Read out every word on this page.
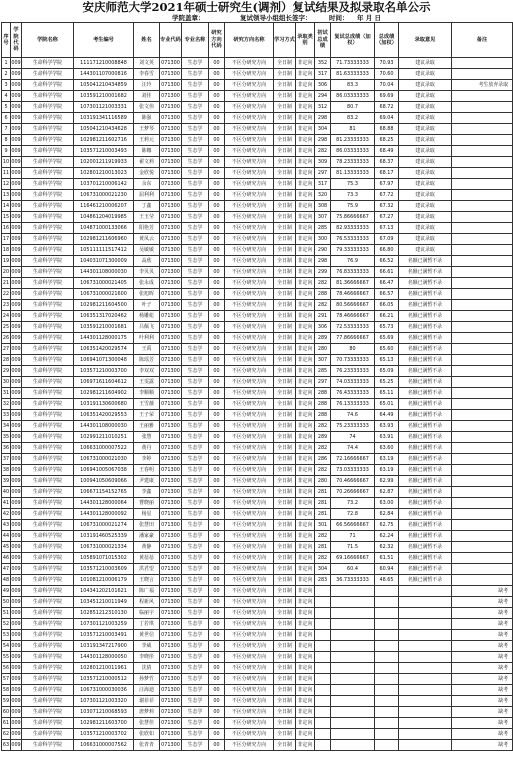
安庆师范大学2021年硕士研究生(调剂）复试结果及拟录取名单公示
学院盖章：	复试领导小组组长签字：	时间： 年 月 日
序号	学院代码	学院名称	考生编号	姓名	专业代码	专业名称	研究方向代码	研究方向名称	学习方式	录取类别	初试总成绩	复试总成绩（加权）	总成绩（加权）	录取意见	备注
1	009	生命科学学院	111171210008848	刘文英	071300	生态学	00	不区分研究方向	全日制	非定向	352	71.73333333	70.93	建议录取	
2	009	生命科学学院	144301107000816	李春雪	071300	生态学	00	不区分研究方向	全日制	非定向	317	81.63333333	70.60	建议录取	
3	009	生命科学学院	105041210434859	汪玲	071300	生态学	00	不区分研究方向	全日制	非定向	306	83.3	70.04	建议录取	考生放弃录取
4	009	生命科学学院	103591210001682	刘佳	071300	生态学	00	不区分研究方向	全日制	非定向	294	86.03333333	69.69	建议录取	
5	009	生命科学学院	107301121003331	张文伟	071300	生态学	00	不区分研究方向	全日制	非定向	312	80.7	68.72	建议录取	
6	009	生命科学学院	103191341116589	陈强	071300	生态学	00	不区分研究方向	全日制	非定向	298	83.2	69.04	建议录取	
7	009	生命科学学院	105041210434628	王梦琴	071300	生态学	00	不区分研究方向	全日制	非定向	304	81	68.88	建议录取	
8	009	生命科学学院	102981211602716	王莉元	071300	生态学	00	不区分研究方向	全日制	非定向	298	81.23333333	68.25	建议录取	
9	009	生命科学学院	103571210003493	陈娜	071300	生态学	00	不区分研究方向	全日制	非定向	282	86.03333333	68.49	建议录取	
10	009	生命科学学院	102001211919933	翟文莉	071300	生态学	00	不区分研究方向	全日制	非定向	309	78.23333333	68.37	建议录取	
11	009	生命科学学院	102801210013023	金欣悦	071300	生态学	00	不区分研究方向	全日制	非定向	297	81.13333333	68.17	建议录取	
12	009	生命科学学院	103701210006142	余东	071300	生态学	00	不区分研究方向	全日制	非定向	317	75.3	67.97	建议录取	
13	009	生命科学学院	106731000021230	屈利利	071300	生态学	00	不区分研究方向	全日制	非定向	320	73.3	67.72	建议录取	
14	009	生命科学学院	116461210006207	丁鑫	071300	生态学	00	不区分研究方向	全日制	非定向	308	75.9	67.32	建议录取	
15	009	生命科学学院	104861204019985	王玉莹	071300	生态学	00	不区分研究方向	全日制	非定向	307	75.86666667	67.27	建议录取	
16	009	生命科学学院	104871000133066	阳艳芳	071300	生态学	00	不区分研究方向	全日制	非定向	285	82.93333333	67.13	建议录取	
17	009	生命科学学院	102981211606960	黄凤云	071300	生态学	00	不区分研究方向	全日制	非定向	300	76.53333333	67.09	建议录取	
18	009	生命科学学院	105111111517412	吴敏敏	071300	生态学	00	不区分研究方向	全日制	非定向	290	79.33333333	66.80	建议录取	
19	009	生命科学学院	104031071300009	高欣	071300	生态学	00	不区分研究方向	全日制	非定向	298	76.9	66.52	名额已满暂不录	
20	009	生命科学学院	144301108000030	李贝贝	071300	生态学	00	不区分研究方向	全日制	非定向	299	76.83333333	66.61	名额已满暂不录	
21	009	生命科学学院	106731000021405	张永成	071300	生态学	00	不区分研究方向	全日制	非定向	282	81.36666667	66.47	名额已满暂不录	
22	009	生命科学学院	106731000021600	张旭晖	071300	生态学	00	不区分研究方向	全日制	非定向	288	78.46666667	66.57	名额已满暂不录	
23	009	生命科学学院	102981211604500	叶子	071300	生态学	00	不区分研究方向	全日制	非定向	282	80.56666667	66.05	名额已满暂不录	
24	009	生命科学学院	106351317020462	杨雕彪	071300	生态学	00	不区分研究方向	全日制	非定向	291	78.46666667	66.21	名额已满暂不录	
25	009	生命科学学院	103591210001681	吕佩飞	071300	生态学	00	不区分研究方向	全日制	非定向	306	72.53333333	65.73	名额已满暂不录	
26	009	生命科学学院	144301128000175	叶利利	071300	生态学	00	不区分研究方向	全日制	非定向	289	77.86666667	65.69	名额已满暂不录	
27	009	生命科学学院	106351420029574	王禹	071300	生态学	00	不区分研究方向	全日制	非定向	280	80	65.60	名额已满暂不录	
28	009	生命科学学院	106941071300048	陈瑶芳	071300	生态学	00	不区分研究方向	全日制	非定向	307	70.73333333	65.13	名额已满暂不录	
29	009	生命科学学院	103571210003700	李双双	071300	生态学	00	不区分研究方向	全日制	非定向	285	76.23333333	65.09	名额已满暂不录	
30	009	生命科学学院	106971611604612	王雯露	071300	生态学	00	不区分研究方向	全日制	非定向	297	74.03333333	65.25	名额已满暂不录	
31	009	生命科学学院	102981211604902	李顺顺	071300	生态学	00	不区分研究方向	全日制	非定向	288	76.43333333	65.11	名额已满暂不录	
32	009	生命科学学院	103191130600680	王雪薇	071300	生态学	00	不区分研究方向	全日制	非定向	288	76.13333333	65.01	名额已满暂不录	
33	009	生命科学学院	106351420029553	王子荣	071300	生态学	00	不区分研究方向	全日制	非定向	288	74.6	64.49	名额已满暂不录	
34	009	生命科学学院	144301108000030	王丽雅	071300	生态学	00	不区分研究方向	全日制	非定向	282	75.23333333	63.93	名额已满暂不录	
35	009	生命科学学院	102991211010251	张慧	071300	生态学	00	不区分研究方向	全日制	非定向	289	74	63.91	名额已满暂不录	
36	009	生命科学学院	106631000007522	黄丹	071300	生态学	00	不区分研究方向	全日制	非定向	282	74.4	63.60	名额已满暂不录	
37	009	生命科学学院	106731000021030	李婷	071300	生态学	00	不区分研究方向	全日制	非定向	286	72.16666667	63.19	名额已满暂不录	
38	009	生命科学学院	106941005067038	王春明	071300	生态学	00	不区分研究方向	全日制	非定向	282	73.03333333	63.19	名额已满暂不录	
39	009	生命科学学院	100941050609066	尹建康	071300	生态学	00	不区分研究方向	全日制	非定向	280	70.46666667	62.99	名额已满暂不录	
40	009	生命科学学院	106671154152765	李鑫	071300	生态学	00	不区分研究方向	全日制	非定向	281	70.26666667	62.87	名额已满暂不录	
41	009	生命科学学院	144301128000064	曹晓丽	071300	生态学	00	不区分研究方向	全日制	非定向	281	73.2	63.00	名额已满暂不录	
42	009	生命科学学院	144301128000092	杨星	071300	生态学	00	不区分研究方向	全日制	非定向	281	72.8	62.84	名额已满暂不录	
43	009	生命科学学院	106731000021274	张慧田	071300	生态学	00	不区分研究方向	全日制	非定向	301	66.56666667	62.75	名额已满暂不录	
44	009	生命科学学院	103191460525339	潘家豪	071300	生态学	00	不区分研究方向	全日制	非定向	282	71	62.24	名额已满暂不录	
45	009	生命科学学院	106731000021334	黄静	071300	生态学	00	不区分研究方向	全日制	非定向	281	71.5	62.32	名额已满暂不录	
46	009	生命科学学院	105891071015302	黄蓓蓓	071300	生态学	00	不区分研究方向	全日制	非定向	282	69.16666667	61.51	名额已满暂不录	
47	009	生命科学学院	103571210003609	洪君望	071300	生态学	00	不区分研究方向	全日制	非定向	304	60.4	60.94	名额已满暂不录	
48	009	生命科学学院	101081210006179	王晓言	071300	生态学	00	不区分研究方向	全日制	非定向	283	36.73333333	48.65	名额已满暂不录	
49	009	生命科学学院	104341202101621	陈广福	071300	生态学	00	不区分研究方向	全日制	非定向					缺考
50	009	生命科学学院	103451210011949	程新风	071300	生态学	00	不区分研究方向	全日制	非定向					缺考
51	009	生命科学学院	102851212310130	临丽宇	071300	生态学	00	不区分研究方向	全日制	非定向					缺考
52	009	生命科学学院	107301121003259	丁若琪	071300	生态学	00	不区分研究方向	全日制	非定向					缺考
53	009	生命科学学院	103571210003491	黄世信	071300	生态学	00	不区分研究方向	全日制	非定向					缺考
54	009	生命科学学院	103191347217900	李威	071300	生态学	00	不区分研究方向	全日制	非定向					缺考
55	009	生命科学学院	144301128000050	李晓彤	071300	生态学	00	不区分研究方向	全日制	非定向					缺考
56	009	生命科学学院	102801210011961	沈倩	071300	生态学	00	不区分研究方向	全日制	非定向					缺考
57	009	生命科学学院	103571210000512	孙梦竹	071300	生态学	00	不区分研究方向	全日制	非定向					缺考
58	009	生命科学学院	106731000030036	汪海迪	071300	生态学	00	不区分研究方向	全日制	非定向					缺考
59	009	生命科学学院	107301121003320	谢菲菲	071300	生态学	00	不区分研究方向	全日制	非定向					缺考
60	009	生命科学学院	103071210068593	唐梦莉	071300	生态学	00	不区分研究方向	全日制	非定向					缺考
61	009	生命科学学院	102981211603700	张慧佳	071300	生态学	00	不区分研究方向	全日制	非定向					缺考
62	009	生命科学学院	103571210003702	张欣如	071300	生态学	00	不区分研究方向	全日制	非定向					缺考
63	009	生命科学学院	106631000007562	张青青	071300	生态学	00	不区分研究方向	全日制	非定向					缺考
